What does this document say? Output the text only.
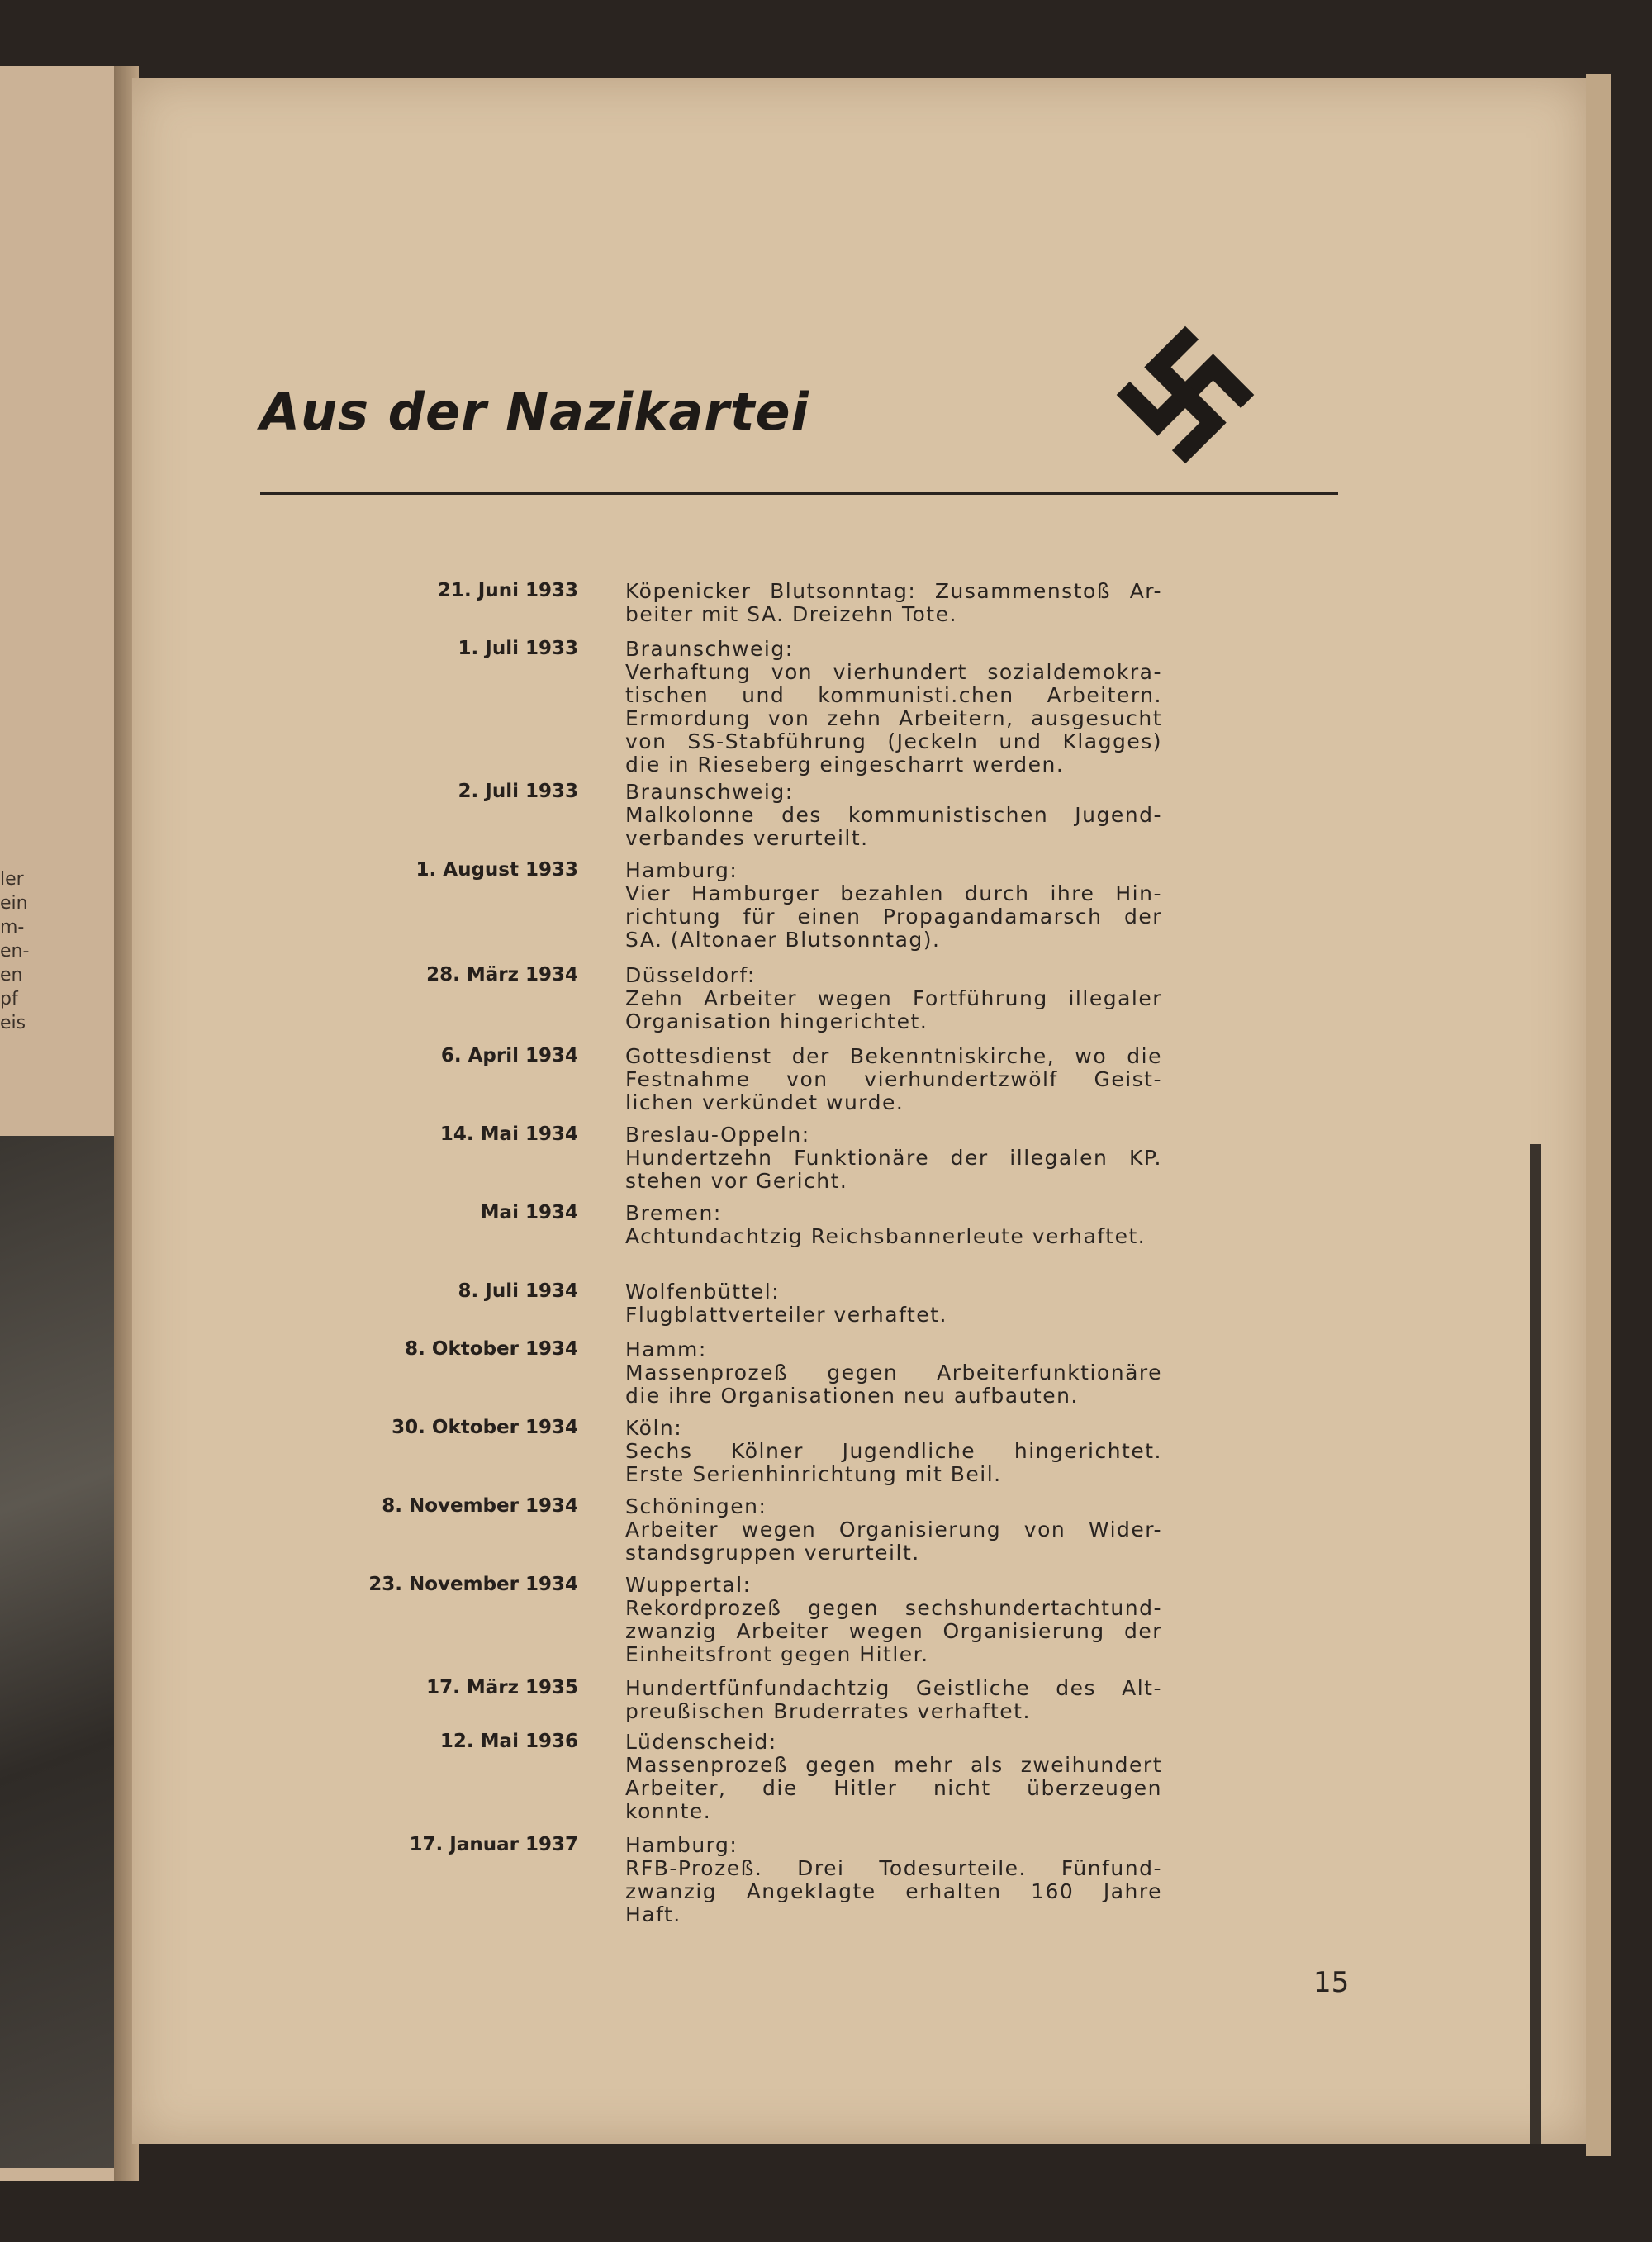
ler
ein
m-
en-
en
pf
eis
Aus der Nazikartei
21. Juni 1933 Köpenicker Blutsonntag: Zusammenstoß Ar-
beiter mit SA. Dreizehn Tote.
1. Juli 1933 Braunschweig:
Verhaftung von vierhundert sozialdemokra-
tischen und kommunisti.chen Arbeitern.
Ermordung von zehn Arbeitern, ausgesucht
von SS-Stabführung (Jeckeln und Klagges)
die in Rieseberg eingescharrt werden.
2. Juli 1933 Braunschweig:
Malkolonne des kommunistischen Jugend-
verbandes verurteilt.
1. August 1933 Hamburg:
Vier Hamburger bezahlen durch ihre Hin-
richtung für einen Propagandamarsch der
SA. (Altonaer Blutsonntag).
28. März 1934 Düsseldorf:
Zehn Arbeiter wegen Fortführung illegaler
Organisation hingerichtet.
6. April 1934 Gottesdienst der Bekenntniskirche, wo die
Festnahme von vierhundertzwölf Geist-
lichen verkündet wurde.
14. Mai 1934 Breslau-Oppeln:
Hundertzehn Funktionäre der illegalen KP.
stehen vor Gericht.
Mai 1934 Bremen:
Achtundachtzig Reichsbannerleute verhaftet.
8. Juli 1934 Wolfenbüttel:
Flugblattverteiler verhaftet.
8. Oktober 1934 Hamm:
Massenprozeß gegen Arbeiterfunktionäre
die ihre Organisationen neu aufbauten.
30. Oktober 1934 Köln:
Sechs Kölner Jugendliche hingerichtet.
Erste Serienhinrichtung mit Beil.
8. November 1934 Schöningen:
Arbeiter wegen Organisierung von Wider-
standsgruppen verurteilt.
23. November 1934 Wuppertal:
Rekordprozeß gegen sechshundertachtund-
zwanzig Arbeiter wegen Organisierung der
Einheitsfront gegen Hitler.
17. März 1935 Hundertfünfundachtzig Geistliche des Alt-
preußischen Bruderrates verhaftet.
12. Mai 1936 Lüdenscheid:
Massenprozeß gegen mehr als zweihundert
Arbeiter, die Hitler nicht überzeugen
konnte.
17. Januar 1937 Hamburg:
RFB-Prozeß. Drei Todesurteile. Fünfund-
zwanzig Angeklagte erhalten 160 Jahre
Haft.
15
